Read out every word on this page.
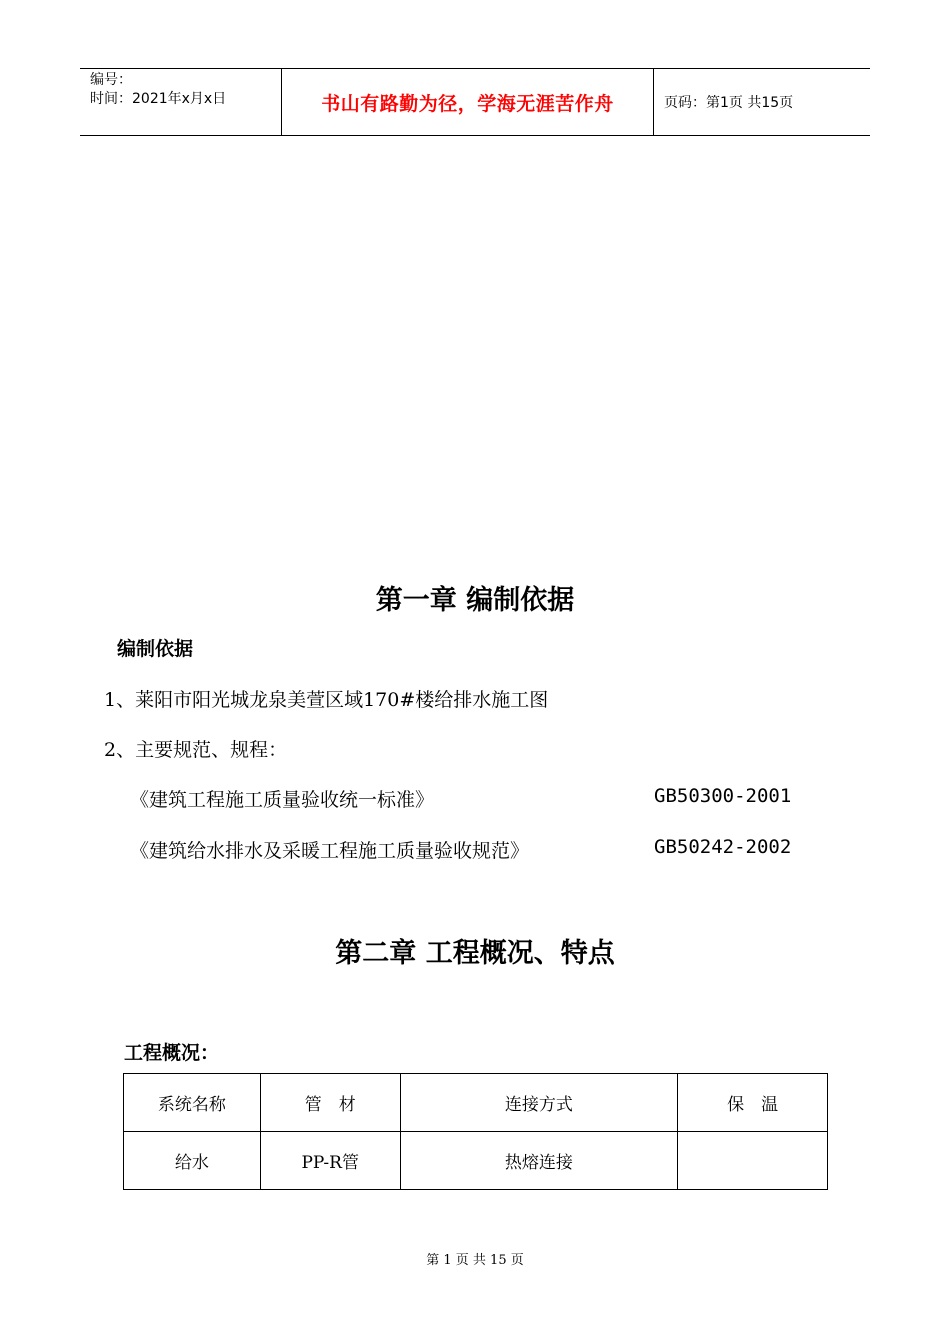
编号：
时间：2021年x月x日	书山有路勤为径，学海无涯苦作舟	页码：第1页 共15页
第一章 编制依据
编制依据

1、莱阳市阳光城龙泉美萱区域170#楼给排水施工图

2、主要规范、规程：

《建筑工程施工质量验收统一标准》	GB50300-2001

《建筑给水排水及采暖工程施工质量验收规范》	GB50242-2002
第二章 工程概况、特点
工程概况：
系统名称	管　材	连接方式	保　温
给水	PP-R管	热熔连接	
第 1 页 共 15 页
